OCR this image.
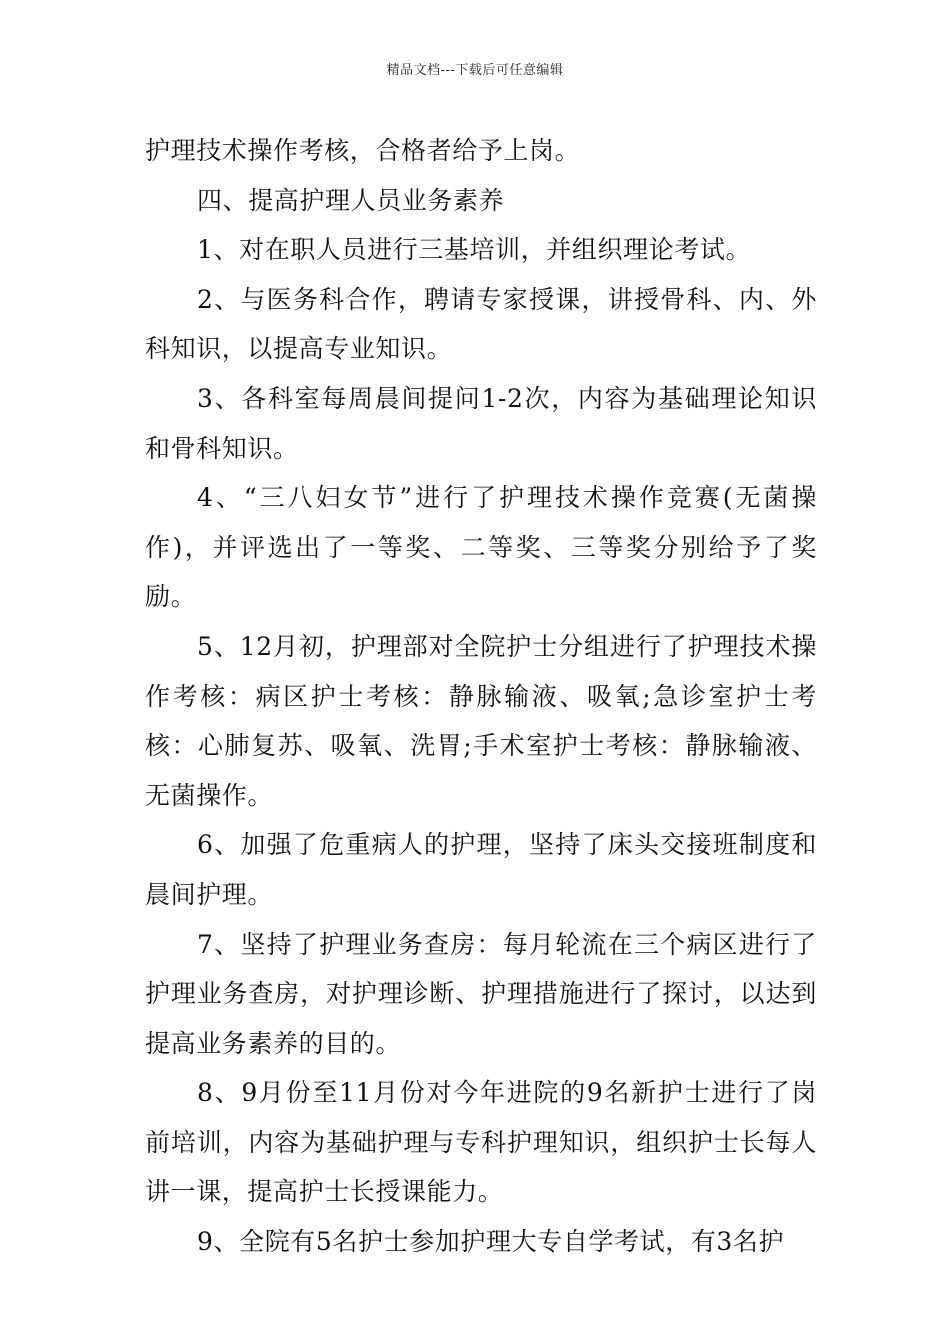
精品文档---下载后可任意编辑

护理技术操作考核，合格者给予上岗。

四、提高护理人员业务素养

1、对在职人员进行三基培训，并组织理论考试。

2、与医务科合作，聘请专家授课，讲授骨科、内、外科知识，以提高专业知识。

3、各科室每周晨间提问1-2次，内容为基础理论知识和骨科知识。

4、“三八妇女节”进行了护理技术操作竞赛(无菌操作)，并评选出了一等奖、二等奖、三等奖分别给予了奖励。

5、12月初，护理部对全院护士分组进行了护理技术操作考核：病区护士考核：静脉输液、吸氧;急诊室护士考核：心肺复苏、吸氧、洗胃;手术室护士考核：静脉输液、无菌操作。

6、加强了危重病人的护理，坚持了床头交接班制度和晨间护理。

7、坚持了护理业务查房：每月轮流在三个病区进行了护理业务查房，对护理诊断、护理措施进行了探讨，以达到提高业务素养的目的。

8、9月份至11月份对今年进院的9名新护士进行了岗前培训，内容为基础护理与专科护理知识，组织护士长每人讲一课，提高护士长授课能力。

9、全院有5名护士参加护理大专自学考试，有3名护
